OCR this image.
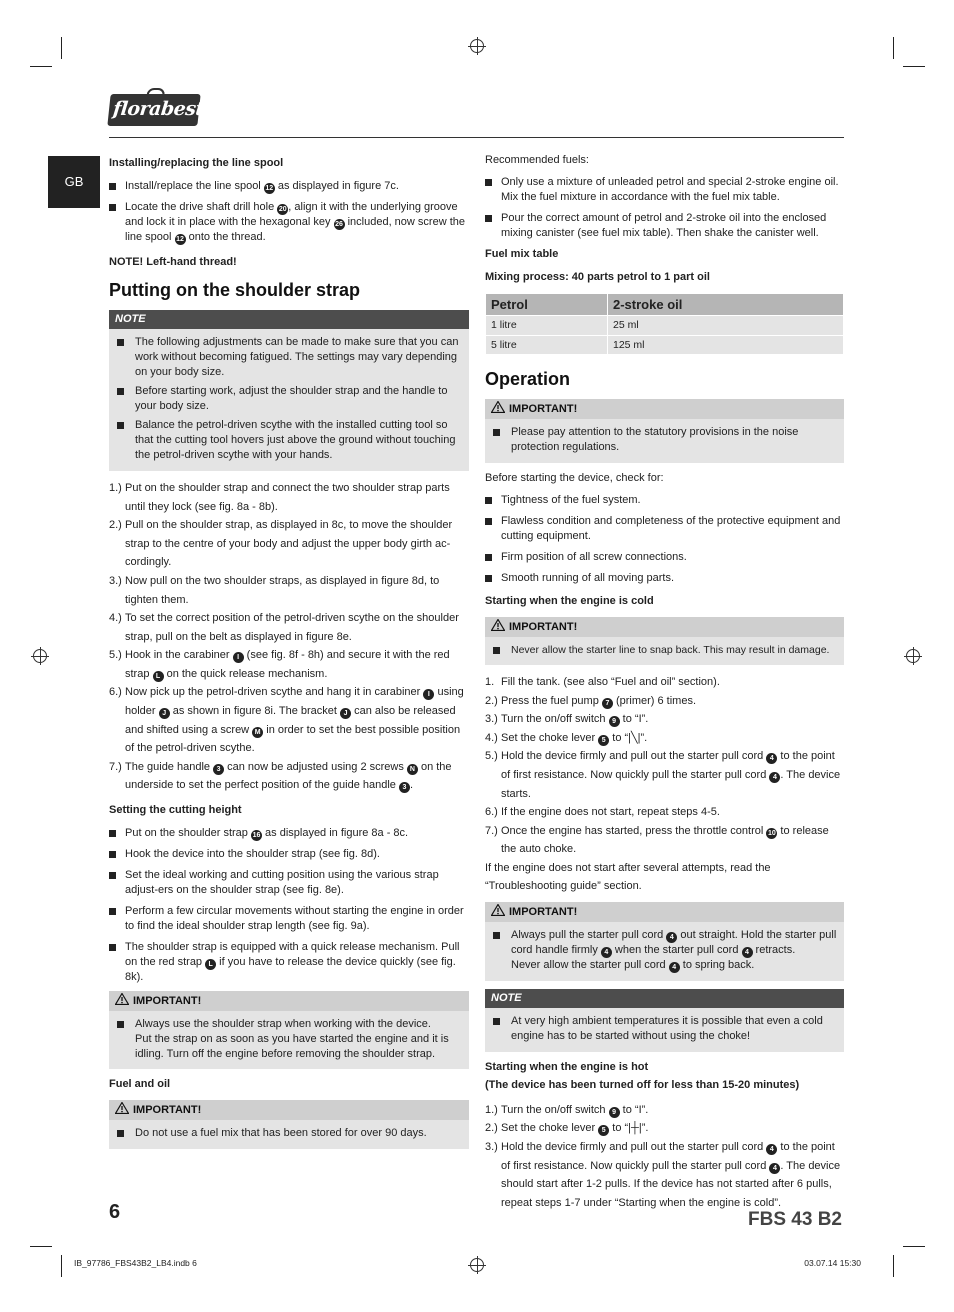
florabest
GB
Installing/replacing the line spool
Install/replace the line spool 12 as displayed in figure 7c.
Locate the drive shaft drill hole 20 , align it with the underlying groove and lock it in place with the hexagonal key 26 included, now screw the line spool 12 onto the thread.
NOTE! Left-hand thread!
Putting on the shoulder strap
NOTE
The following adjustments can be made to make sure that you can work without becoming fatigued. The settings may vary depending on your body size.
Before starting work, adjust the shoulder strap and the handle to your body size.
Balance the petrol-driven scythe with the installed cutting tool so that the cutting tool hovers just above the ground without touching the petrol-driven scythe with your hands.
1.) Put on the shoulder strap and connect the two shoulder strap parts until they lock (see fig. 8a - 8b).
2.) Pull on the shoulder strap, as displayed in 8c, to move the shoulder strap to the centre of your body and adjust the upper body girth ac-cordingly.
3.) Now pull on the two shoulder straps, as displayed in figure 8d, to tighten them.
4.) To set the correct position of the petrol-driven scythe on the shoulder strap, pull on the belt as displayed in figure 8e.
5.) Hook in the carabiner I (see fig. 8f - 8h) and secure it with the red strap L on the quick release mechanism.
6.) Now pick up the petrol-driven scythe and hang it in carabiner I using holder J as shown in figure 8i. The bracket J can also be released and shifted using a screw M in order to set the best possible position of the petrol-driven scythe.
7.) The guide handle 3 can now be adjusted using 2 screws N on the underside to set the perfect position of the guide handle 3 .
Setting the cutting height
Put on the shoulder strap 16 as displayed in figure 8a - 8c.
Hook the device into the shoulder strap (see fig. 8d).
Set the ideal working and cutting position using the various strap adjust-ers on the shoulder strap (see fig. 8e).
Perform a few circular movements without starting the engine in order to find the ideal shoulder strap length (see fig. 9a).
The shoulder strap is equipped with a quick release mechanism. Pull on the red strap L if you have to release the device quickly (see fig. 8k).
IMPORTANT!
Always use the shoulder strap when working with the device.
Put the strap on as soon as you have started the engine and it is idling. Turn off the engine before removing the shoulder strap.
Fuel and oil
IMPORTANT!
Do not use a fuel mix that has been stored for over 90 days.
Recommended fuels:
Only use a mixture of unleaded petrol and special 2-stroke engine oil. Mix the fuel mixture in accordance with the fuel mix table.
Pour the correct amount of petrol and 2-stroke oil into the enclosed mixing canister (see fuel mix table). Then shake the canister well.
Fuel mix table
Mixing process: 40 parts petrol to 1 part oil
Petrol	2-stroke oil
1 litre	25 ml
5 litre	125 ml
Operation
IMPORTANT!
Please pay attention to the statutory provisions in the noise protection regulations.
Before starting the device, check for:
Tightness of the fuel system.
Flawless condition and completeness of the protective equipment and cutting equipment.
Firm position of all screw connections.
Smooth running of all moving parts.
Starting when the engine is cold
IMPORTANT!
Never allow the starter line to snap back. This may result in damage.
1. Fill the tank. (see also “Fuel and oil” section).
2.) Press the fuel pump 7 (primer) 6 times.
3.) Turn the on/off switch 9 to “I”.
4.) Set the choke lever 5 to “|╲|”.
5.) Hold the device firmly and pull out the starter pull cord 4 to the point of first resistance. Now quickly pull the starter pull cord 4 . The device starts.
6.) If the engine does not start, repeat steps 4-5.
7.) Once the engine has started, press the throttle control 10 to release the auto choke.
If the engine does not start after several attempts, read the “Troubleshooting guide” section.
IMPORTANT!
Always pull the starter pull cord 4 out straight. Hold the starter pull cord handle firmly 4 when the starter pull cord 4 retracts.
Never allow the starter pull cord 4 to spring back.
NOTE
At very high ambient temperatures it is possible that even a cold engine has to be started without using the choke!
Starting when the engine is hot
(The device has been turned off for less than 15-20 minutes)
1.) Turn the on/off switch 9 to “I”.
2.) Set the choke lever 5 to “|┼|”.
3.) Hold the device firmly and pull out the starter pull cord 4 to the point of first resistance. Now quickly pull the starter pull cord 4 . The device should start after 1-2 pulls. If the device has not started after 6 pulls, repeat steps 1-7 under “Starting when the engine is cold”.
6	FBS 43 B2
IB_97786_FBS43B2_LB4.indb 6	03.07.14 15:30
